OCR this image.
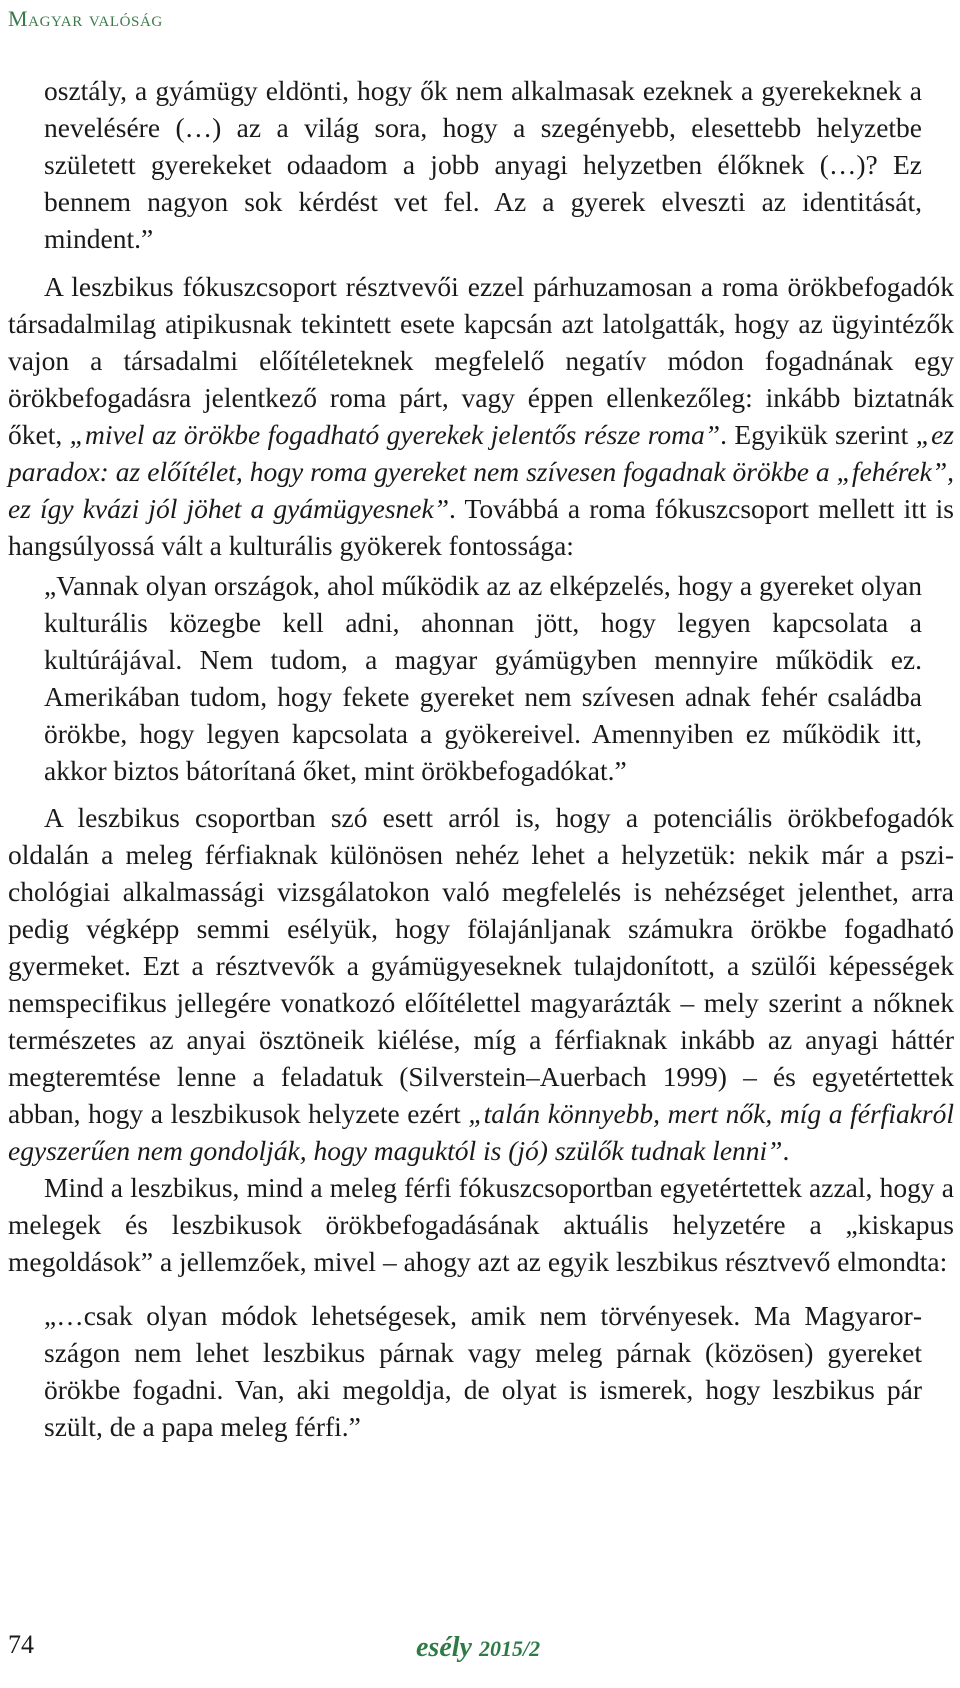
Magyar valóság
osztály, a gyámügy eldönti, hogy ők nem alkalmasak ezeknek a gyerekeknek a nevelésére (…) az a világ sora, hogy a szegényebb, elesettebb helyzetbe született gyerekeket odaadom a jobb anyagi helyzetben élőknek (…)? Ez bennem nagyon sok kérdést vet fel. Az a gyerek elveszti az identitását, mindent.”

A leszbikus fókuszcsoport résztvevői ezzel párhuzamosan a roma örökbefogadók társadalmilag atipikusnak tekintett esete kapcsán azt latolgatták, hogy az ügyintézők vajon a társadalmi előítéleteknek megfelelő negatív módon fogadnának egy örökbefogadásra jelentkező roma párt, vagy éppen ellenkezőleg: inkább biztatnák őket, „mivel az örökbe fogadható gyerekek jelentős része roma”. Egyikük szerint „ez paradox: az előítélet, hogy roma gyereket nem szívesen fogadnak örökbe a „fehérek”, ez így kvázi jól jöhet a gyámügyesnek”. Továbbá a roma fókuszcsoport mellett itt is hangsúlyossá vált a kulturális gyökerek fontossága:

„Vannak olyan országok, ahol működik az az elképzelés, hogy a gyereket olyan kulturális közegbe kell adni, ahonnan jött, hogy legyen kapcsolata a kultúrájával. Nem tudom, a magyar gyámügyben mennyire működik ez. Amerikában tudom, hogy fekete gyereket nem szívesen adnak fehér családba örökbe, hogy legyen kapcsolata a gyökereivel. Amennyiben ez működik itt, akkor biztos bátorítaná őket, mint örökbefogadókat.”

A leszbikus csoportban szó esett arról is, hogy a potenciális örökbefogadók oldalán a meleg férfiaknak különösen nehéz lehet a helyzetük: nekik már a pszichológiai alkalmassági vizsgálatokon való megfelelés is nehézséget jelenthet, arra pedig végképp semmi esélyük, hogy fölajánljanak számukra örökbe fogadható gyermeket. Ezt a résztvevők a gyámügyeseknek tulajdonított, a szülői képességek nemspecifikus jellegére vonatkozó előítélettel magyarázták – mely szerint a nőknek természetes az anyai ösztöneik kiélése, míg a férfiaknak inkább az anyagi háttér megteremtése lenne a feladatuk (Silverstein–Auerbach 1999) – és egyetértettek abban, hogy a leszbikusok helyzete ezért „talán könnyebb, mert nők, míg a férfiakról egyszerűen nem gondolják, hogy maguktól is (jó) szülők tudnak lenni”.

Mind a leszbikus, mind a meleg férfi fókuszcsoportban egyetértettek azzal, hogy a melegek és leszbikusok örökbefogadásának aktuális helyzetére a „kiskapus megoldások” a jellemzőek, mivel – ahogy azt az egyik leszbikus résztvevő elmondta:

„…csak olyan módok lehetségesek, amik nem törvényesek. Ma Magyarországon nem lehet leszbikus párnak vagy meleg párnak (közösen) gyereket örökbe fogadni. Van, aki megoldja, de olyat is ismerek, hogy leszbikus pár szült, de a papa meleg férfi.”
74	esély 2015/2
